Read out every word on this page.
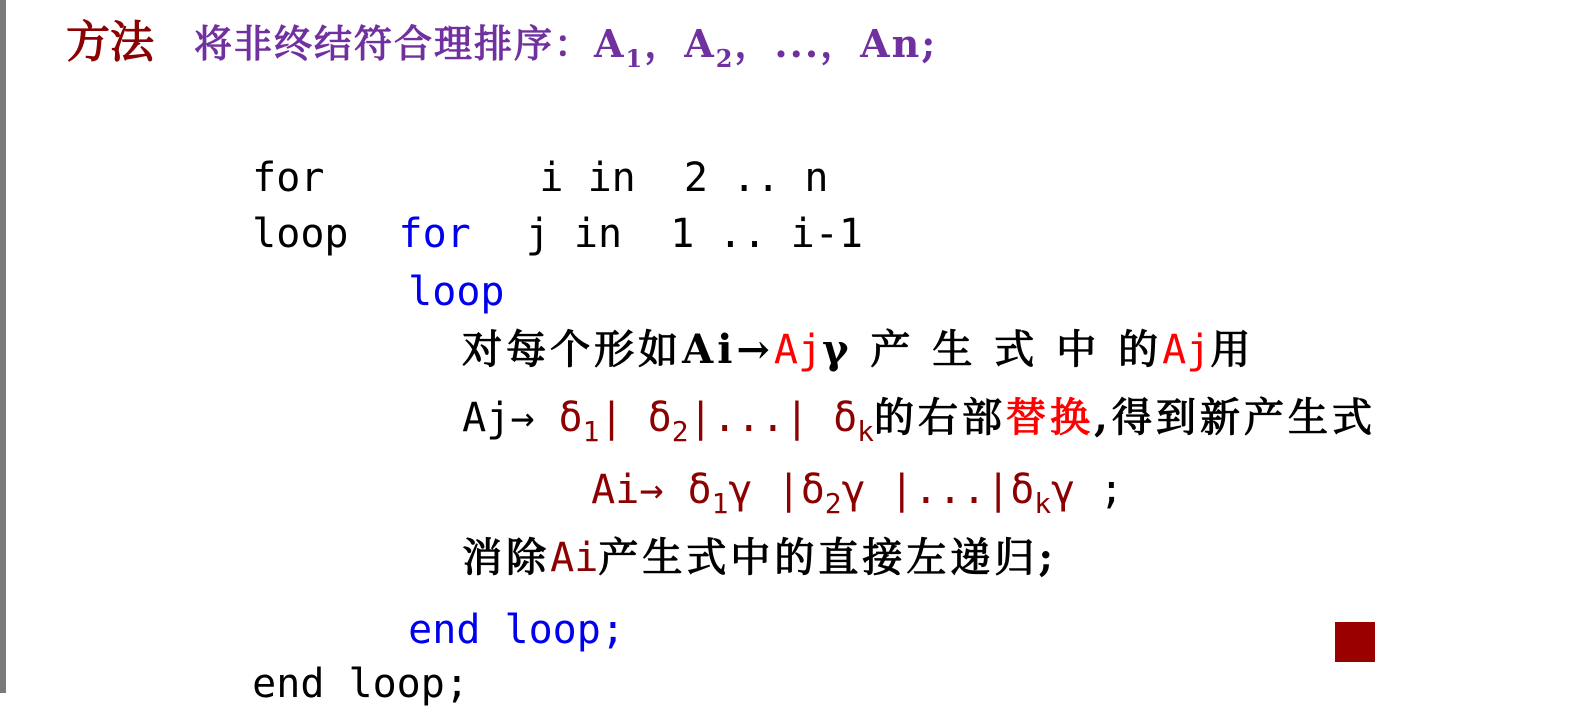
方法 将非终结符合理排序：$A_1$，$A_2$，...，An;

for	i in  2 .. n

loop for j in  1 .. i-1

loop

对每个形如Ai→Ajγ 产 生 式 中 的Aj用

$Aj\to \delta_1|$ $\delta_2|...|$ $\delta_k$的右部替换,得到新产生式

$Ai\to \delta_1\gamma$ $|\delta_2\gamma$ $|...|\delta_k\gamma$ ;

消除Ai产生式中的直接左递归;

end loop;

end loop;
